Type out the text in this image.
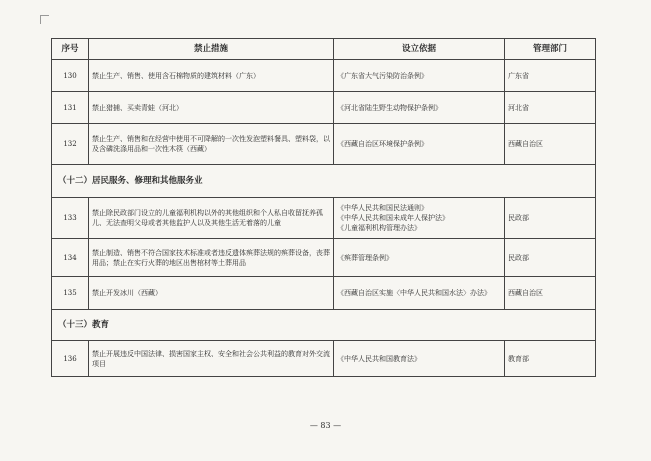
序号	禁止措施	设立依据	管理部门
130	禁止生产、销售、使用含石棉物质的建筑材料（广东）	《广东省大气污染防治条例》	广东省
131	禁止猎捕、买卖青蛙（河北）	《河北省陆生野生动物保护条例》	河北省
132	禁止生产、销售和在经营中使用不可降解的一次性发泡塑料餐具、塑料袋，以及含磷洗涤用品和一次性木筷（西藏）	《西藏自治区环境保护条例》	西藏自治区
（十二）居民服务、修理和其他服务业			
133	禁止除民政部门设立的儿童福利机构以外的其他组织和个人私自收留抚养孤儿、无法查明父母或者其他监护人以及其他生活无着落的儿童	《中华人民共和国民法通则》
《中华人民共和国未成年人保护法》
《儿童福利机构管理办法》	民政部
134	禁止制造、销售不符合国家技术标准或者违反遗体殡葬法规的殡葬设备，丧葬用品；禁止在实行火葬的地区出售棺材等土葬用品	《殡葬管理条例》	民政部
135	禁止开发冰川（西藏）	《西藏自治区实施〈中华人民共和国水法〉办法》	西藏自治区
（十三）教育			
136	禁止开展违反中国法律、损害国家主权、安全和社会公共利益的教育对外交流项目	《中华人民共和国教育法》	教育部
— 83 —
